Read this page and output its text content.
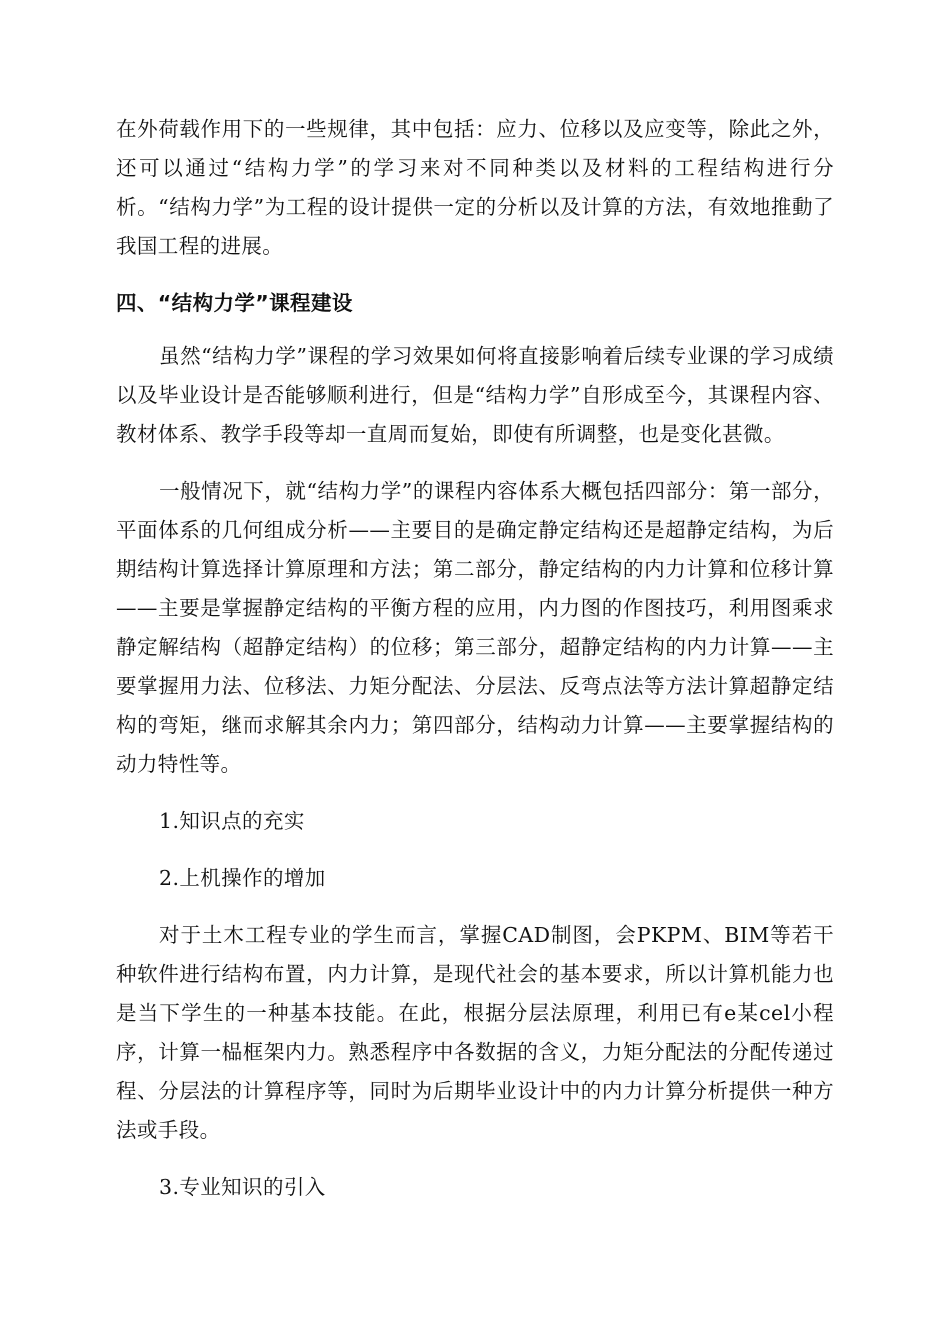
在外荷载作用下的一些规律，其中包括：应力、位移以及应变等，除此之外，还可以通过“结构力学”的学习来对不同种类以及材料的工程结构进行分析。“结构力学”为工程的设计提供一定的分析以及计算的方法，有效地推動了我国工程的进展。

四、“结构力学”课程建设

虽然“结构力学”课程的学习效果如何将直接影响着后续专业课的学习成绩以及毕业设计是否能够顺利进行，但是“结构力学”自形成至今，其课程内容、教材体系、教学手段等却一直周而复始，即使有所调整，也是变化甚微。

一般情况下，就“结构力学”的课程内容体系大概包括四部分：第一部分，平面体系的几何组成分析——主要目的是确定静定结构还是超静定结构，为后期结构计算选择计算原理和方法；第二部分，静定结构的内力计算和位移计算——主要是掌握静定结构的平衡方程的应用，内力图的作图技巧，利用图乘求静定解结构（超静定结构）的位移；第三部分，超静定结构的内力计算——主要掌握用力法、位移法、力矩分配法、分层法、反弯点法等方法计算超静定结构的弯矩，继而求解其余内力；第四部分，结构动力计算——主要掌握结构的动力特性等。

1.知识点的充实

2.上机操作的增加

对于土木工程专业的学生而言，掌握CAD制图，会PKPM、BIM等若干种软件进行结构布置，内力计算，是现代社会的基本要求，所以计算机能力也是当下学生的一种基本技能。在此，根据分层法原理，利用已有e某cel小程序，计算一榀框架内力。熟悉程序中各数据的含义，力矩分配法的分配传递过程、分层法的计算程序等，同时为后期毕业设计中的内力计算分析提供一种方法或手段。

3.专业知识的引入
